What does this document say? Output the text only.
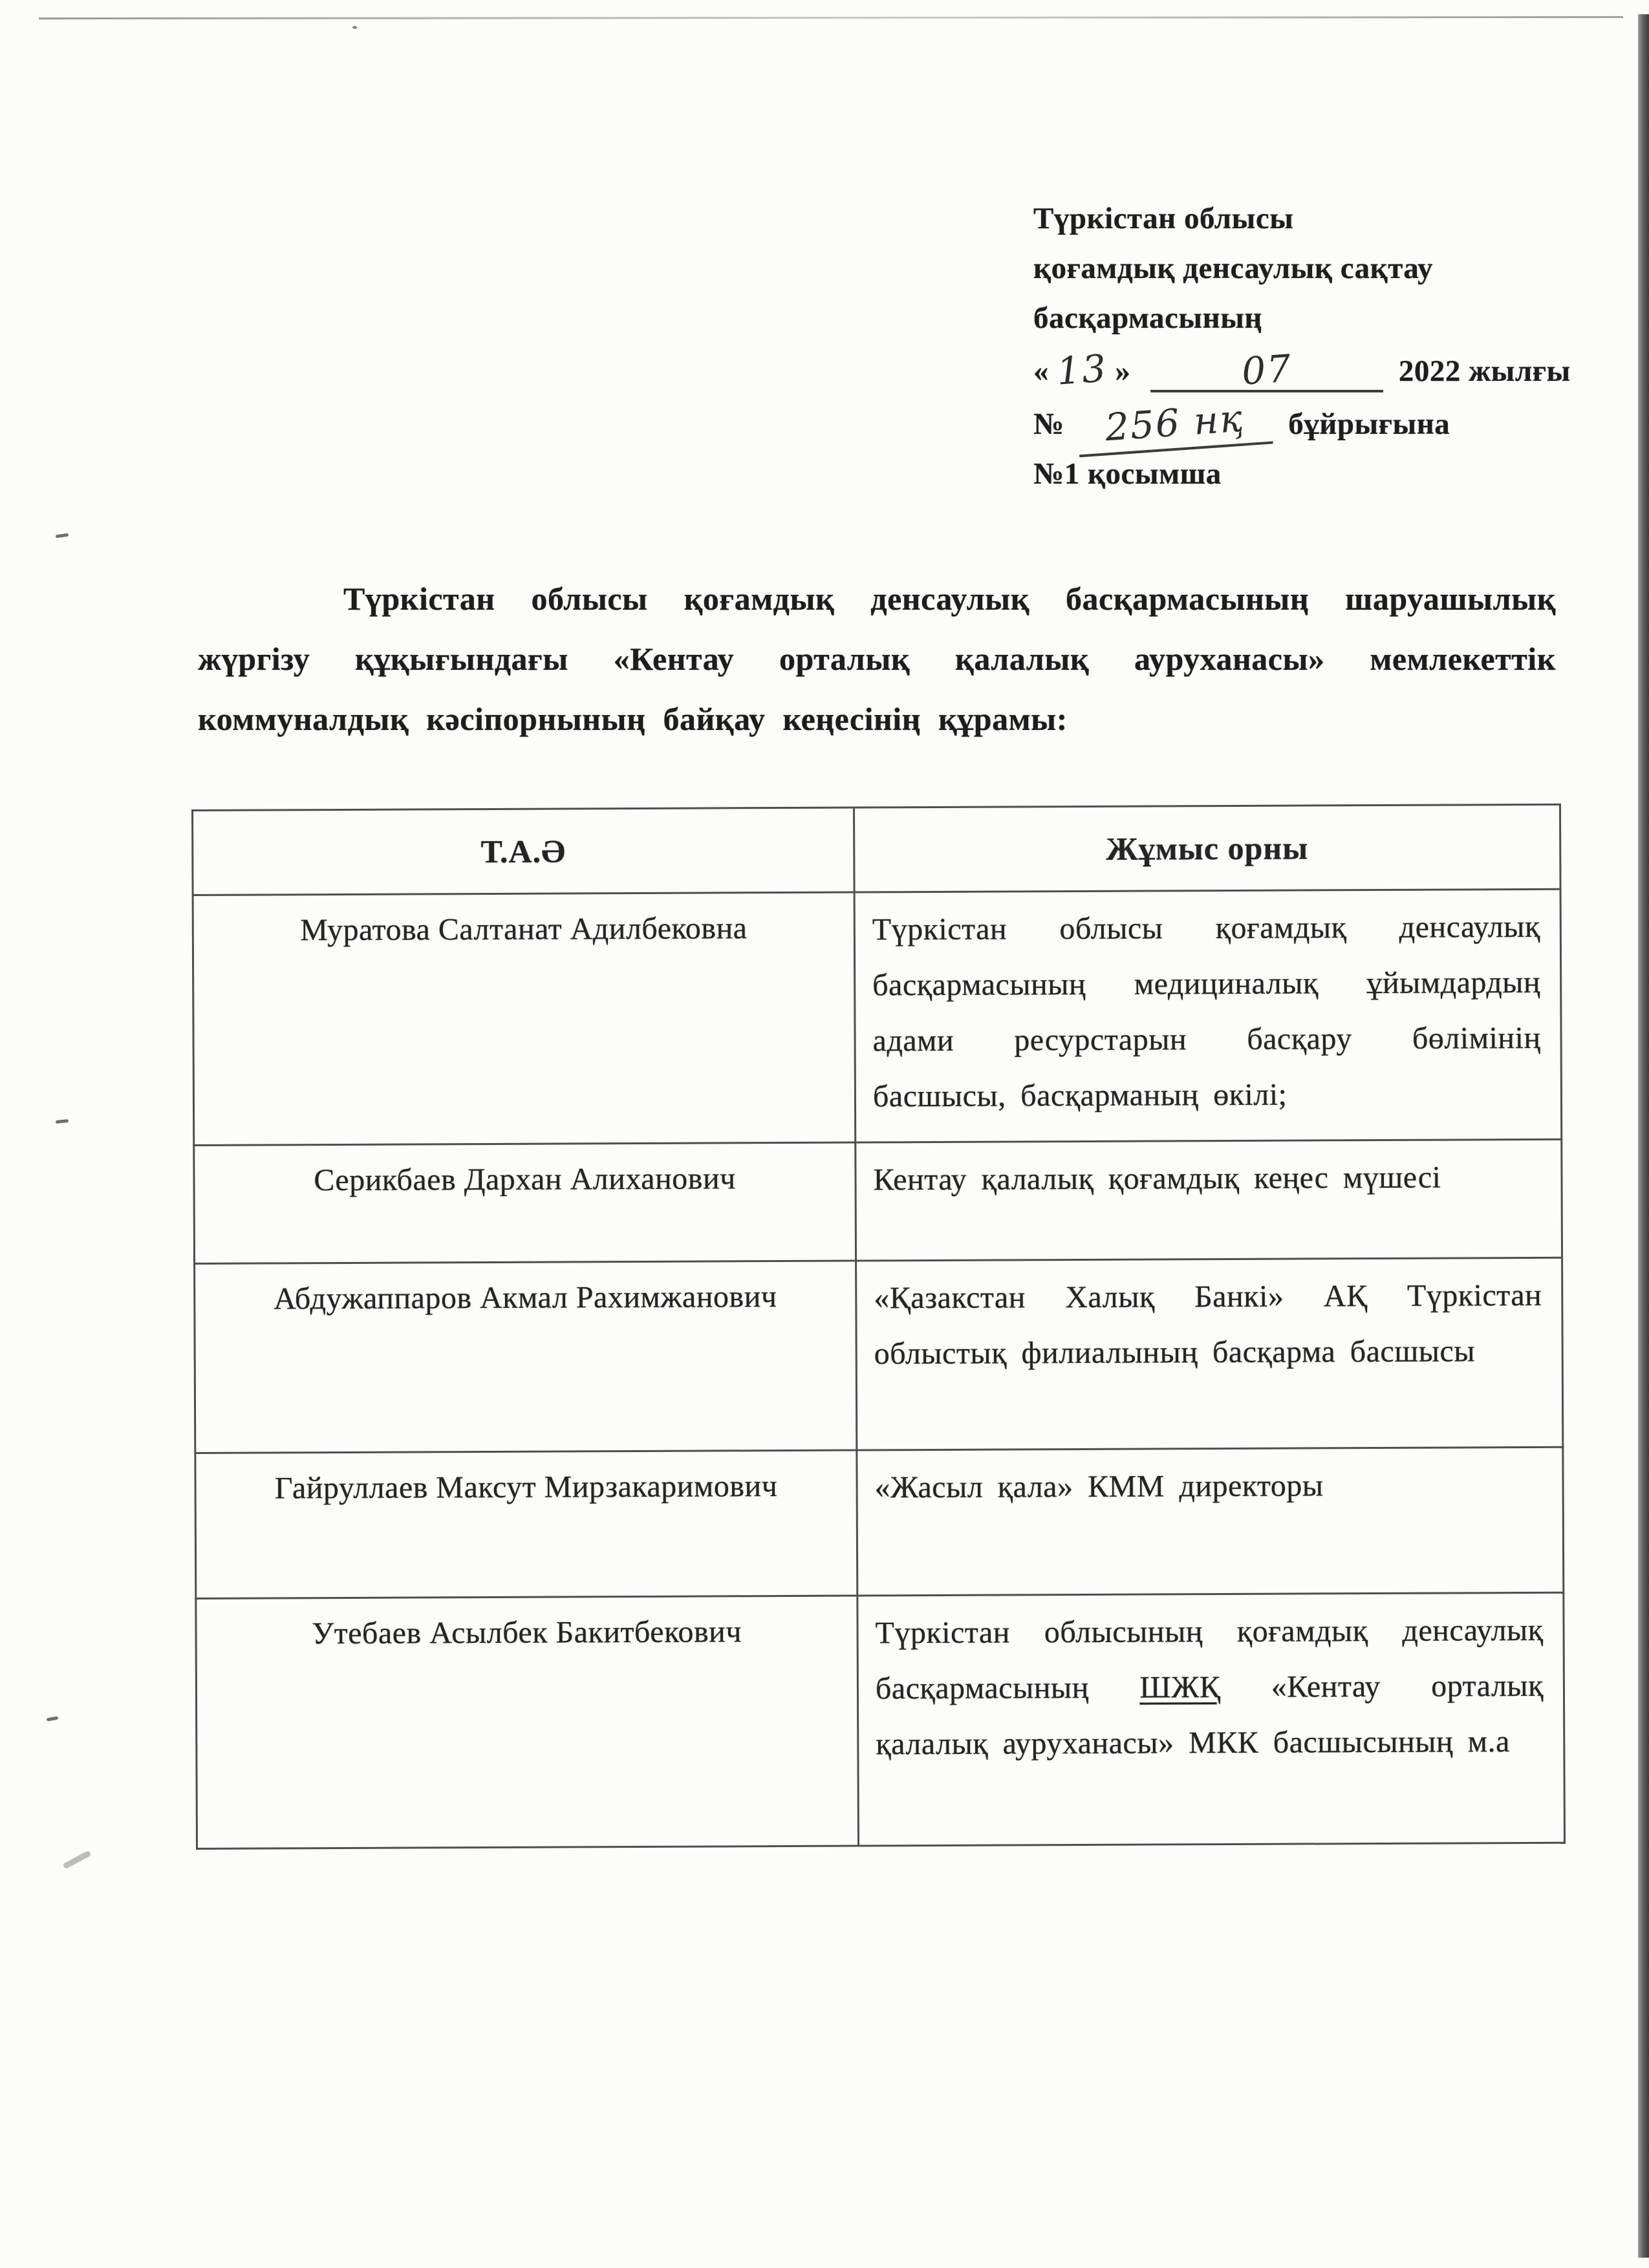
Түркістан облысы
қоғамдық денсаулық сақтау
басқармасының
« 13 »	07	2022 жылғы
№ 256 нқ бұйрығына
№1 қосымша

Түркістан облысы қоғамдық денсаулық басқармасының шаруашылық жүргізу құқығындағы «Кентау орталық қалалық ауруханасы» мемлекеттік коммуналдық кәсіпорнының байқау кеңесінің құрамы:

Т.А.Ә	Жұмыс орны
Муратова Салтанат Адилбековна	Түркістан облысы қоғамдық денсаулық басқармасының медициналық ұйымдардың адами ресурстарын басқару бөлімінің басшысы, басқарманың өкілі;
Серикбаев Дархан Алиханович	Кентау қалалық қоғамдық кеңес мүшесі
Абдужаппаров Акмал Рахимжанович	«Қазакстан Халық Банкі» АҚ Түркістан облыстық филиалының басқарма басшысы
Гайруллаев Максут Мирзакаримович	«Жасыл қала» КММ директоры
Утебаев Асылбек Бакитбекович	Түркістан облысының қоғамдық денсаулық басқармасының ШЖҚ «Кентау орталық қалалық ауруханасы» МКК басшысының м.а
